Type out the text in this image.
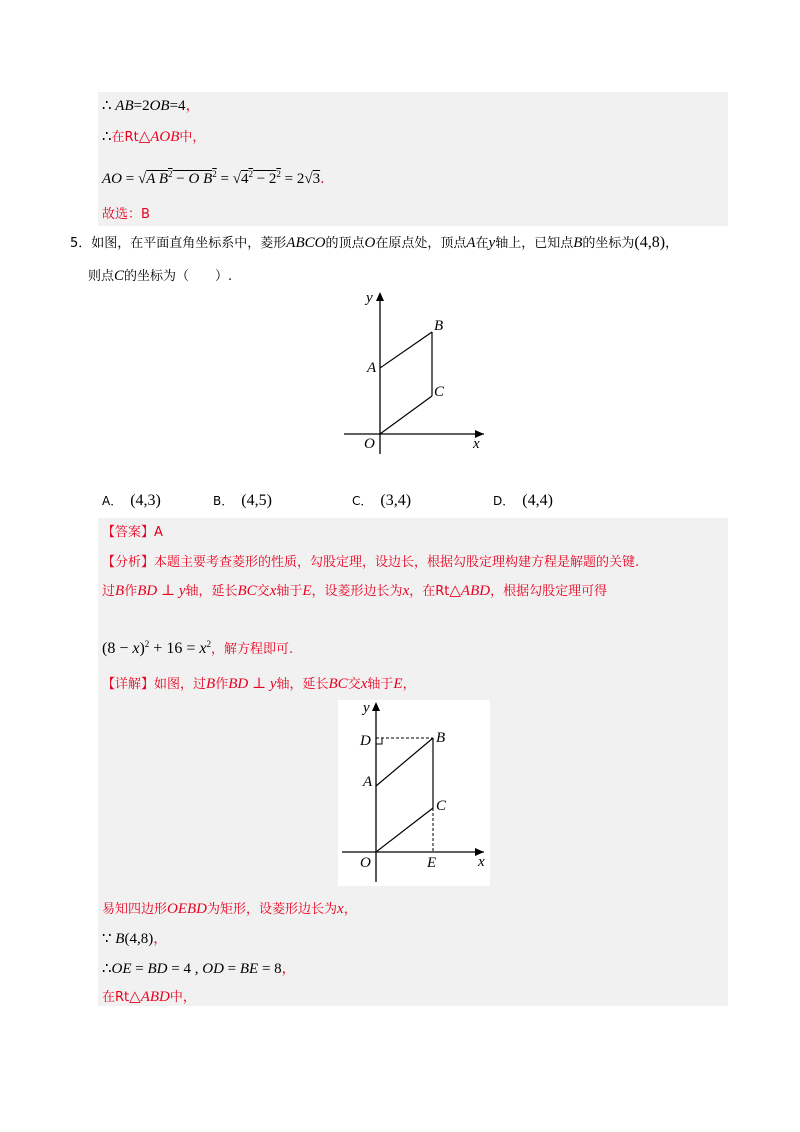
∴ AB=2OB=4，
∴在Rt△AOB中，
AO = √A $B^2 - O$ $B^2 = √4^2 - 2^2 = 2√3$.
故选：B
5．如图，在平面直角坐标系中，菱形ABCO的顶点O在原点处，顶点A在y轴上，已知点B的坐标为(4,8)，
则点C的坐标为（　　）.
y
B
A
C
O	x
A． (4,3)	B． (4,5)	C． (3,4)	D． (4,4)
【答案】A
【分析】本题主要考查菱形的性质，勾股定理，设边长，根据勾股定理构建方程是解题的关键.
过B作BD ⊥ y轴，延长BC交x轴于E，设菱形边长为x，在Rt△ABD，根据勾股定理可得
$(8 - x)^2 + 16 = x^2$，解方程即可.
【详解】如图，过B作BD ⊥ y轴，延长BC交x轴于E，
y
D	B
A
C
O	E	x
易知四边形OEBD为矩形，设菱形边长为x，
∵ B(4,8)，
∴OE = BD = 4 , OD = BE = 8，
在Rt△ABD中，
